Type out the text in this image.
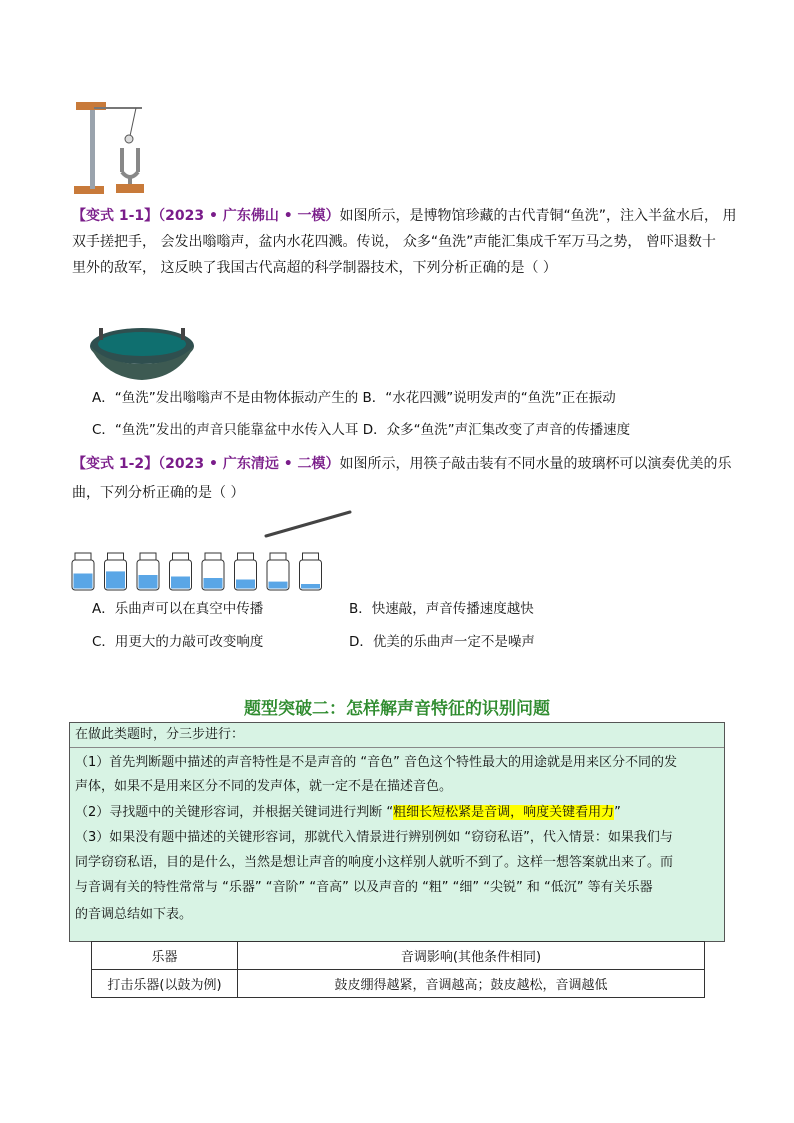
【变式 1-1】（2023 • 广东佛山 • 一模）如图所示，是博物馆珍藏的古代青铜“鱼洗”，注入半盆水后， 用
双手搓把手， 会发出嗡嗡声，盆内水花四溅。传说， 众多“鱼洗”声能汇集成千军万马之势， 曾吓退数十
里外的敌军， 这反映了我国古代高超的科学制器技术，下列分析正确的是（ ）
A．“鱼洗”发出嗡嗡声不是由物体振动产生的 B．“水花四溅”说明发声的“鱼洗”正在振动
C．“鱼洗”发出的声音只能靠盆中水传入人耳 D．众多“鱼洗”声汇集改变了声音的传播速度
【变式 1-2】（2023 • 广东清远 • 二模）如图所示，用筷子敲击装有不同水量的玻璃杯可以演奏优美的乐
曲，下列分析正确的是（ ）
A．乐曲声可以在真空中传播	B．快速敲，声音传播速度越快
C．用更大的力敲可改变响度	D．优美的乐曲声一定不是噪声
题型突破二：怎样解声音特征的识别问题
在做此类题时，分三步进行：
（1）首先判断题中描述的声音特性是不是声音的 “音色” 音色这个特性最大的用途就是用来区分不同的发
声体，如果不是用来区分不同的发声体，就一定不是在描述音色。
（2）寻找题中的关键形容词，并根据关键词进行判断 “粗细长短松紧是音调，响度关键看用力”
（3）如果没有题中描述的关键形容词，那就代入情景进行辨别例如 “窃窃私语”，代入情景：如果我们与
同学窃窃私语，目的是什么，当然是想让声音的响度小这样别人就听不到了。这样一想答案就出来了。而
与音调有关的特性常常与 “乐器” “音阶” “音高” 以及声音的 “粗” “细” “尖锐” 和 “低沉” 等有关乐器
的音调总结如下表。
乐器	音调影响(其他条件相同)
打击乐器(以鼓为例)	鼓皮绷得越紧，音调越高；鼓皮越松，音调越低
